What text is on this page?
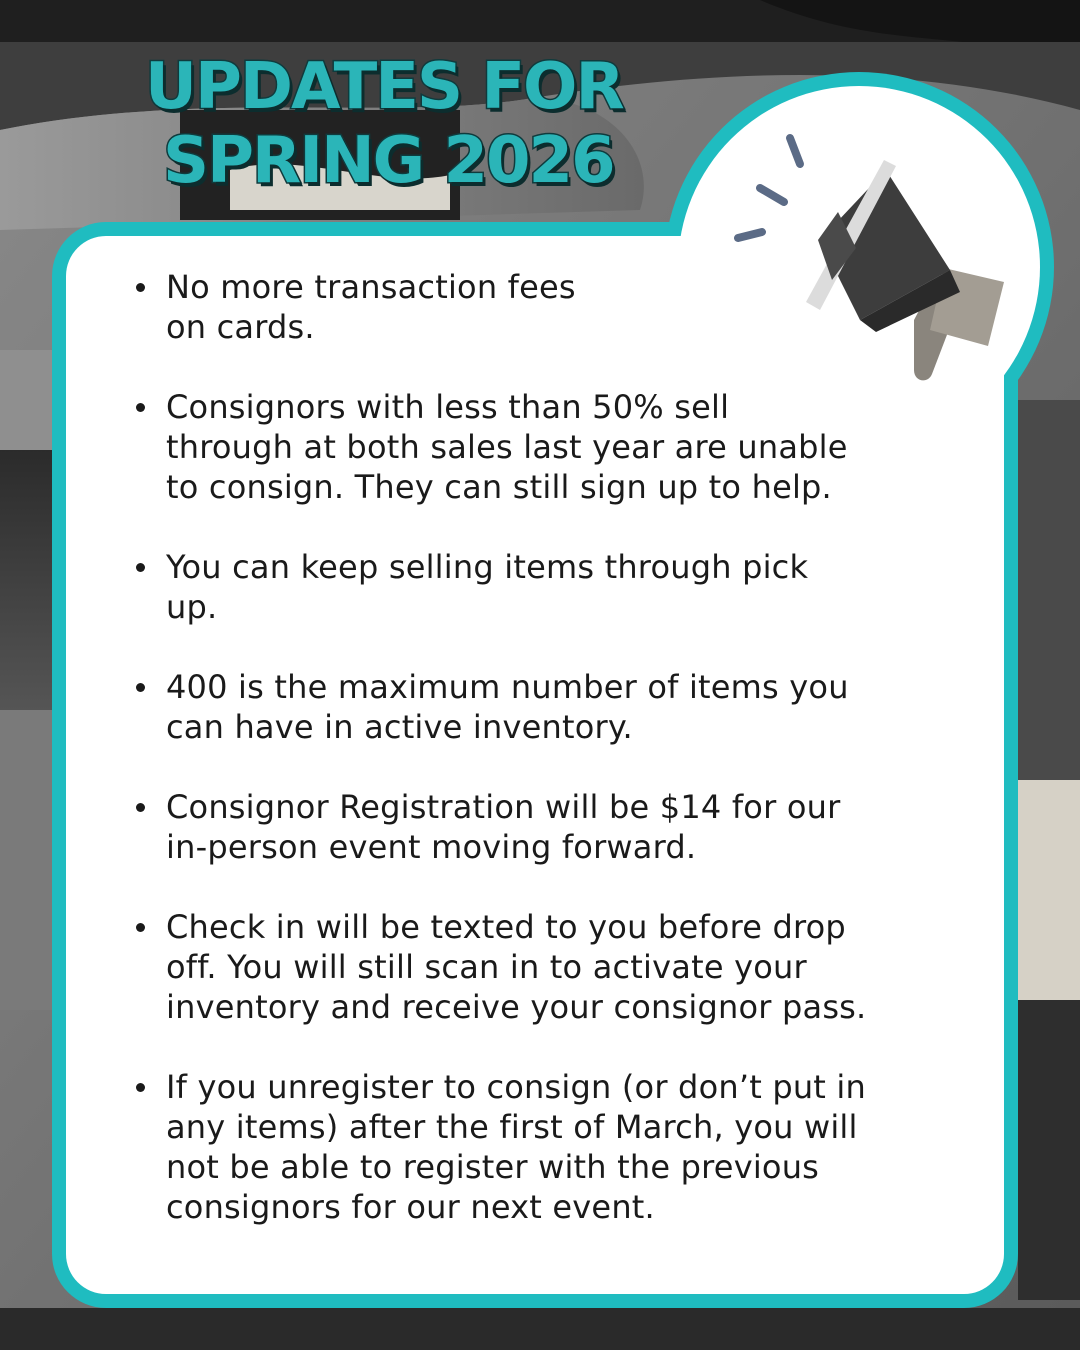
UPDATES FOR
SPRING 2026
No more transaction fees
on cards.
Consignors with less than 50% sell
through at both sales last year are unable
to consign. They can still sign up to help.
You can keep selling items through pick
up.
400 is the maximum number of items you
can have in active inventory.
Consignor Registration will be $14 for our
in-person event moving forward.
Check in will be texted to you before drop
off. You will still scan in to activate your
inventory and receive your consignor pass.
If you unregister to consign (or don’t put in
any items) after the first of March, you will
not be able to register with the previous
consignors for our next event.
